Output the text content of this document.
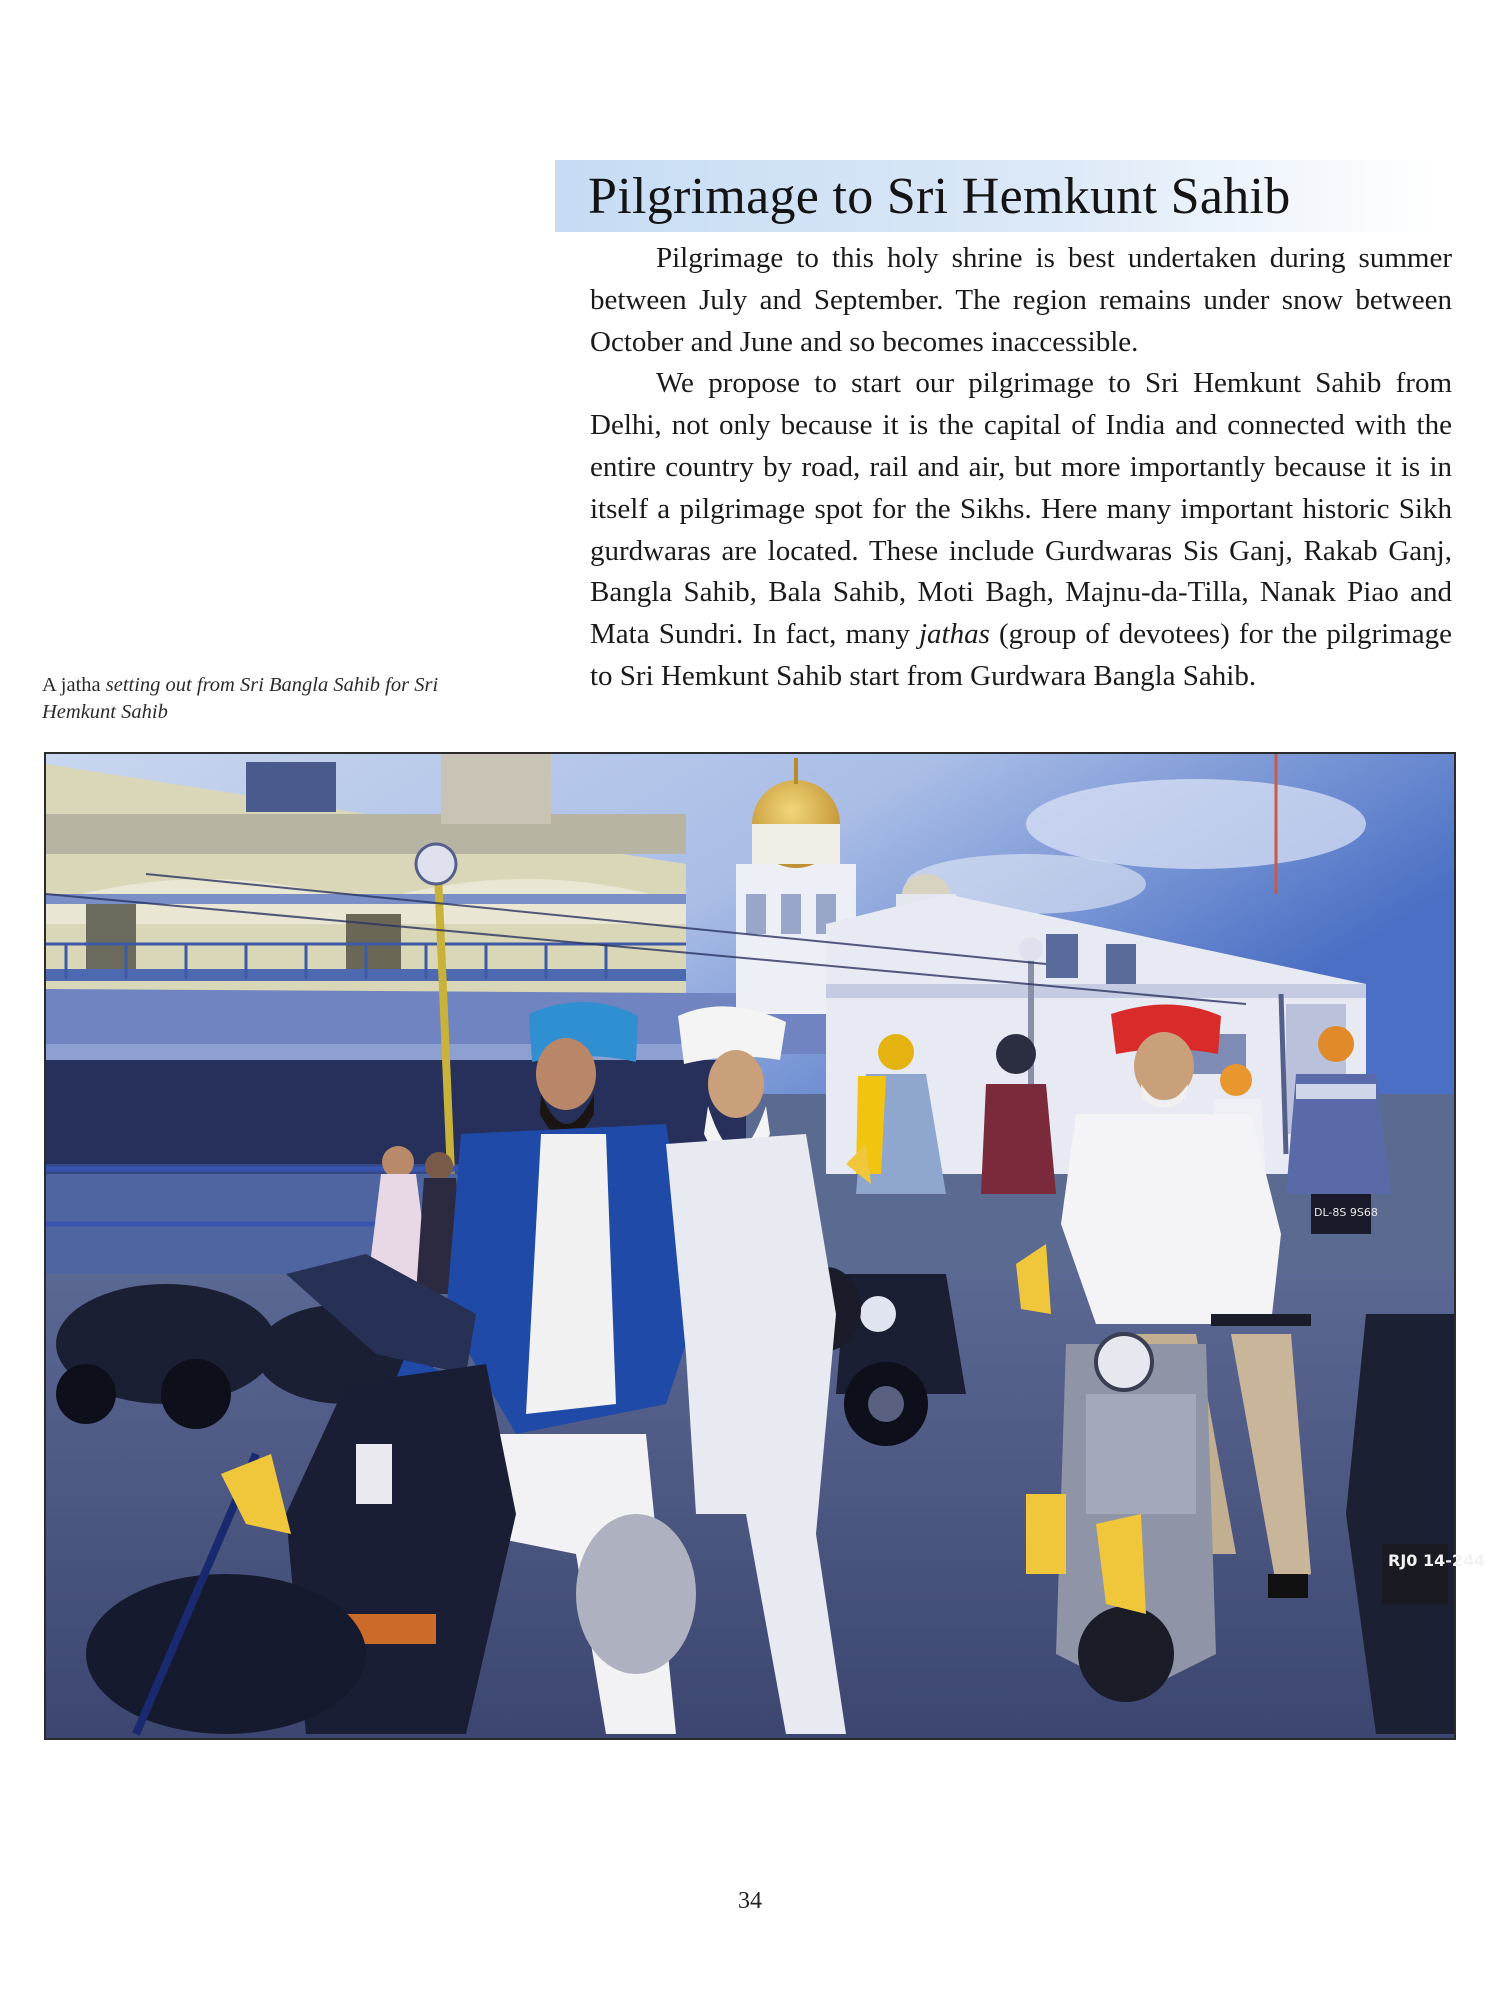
Pilgrimage to Sri Hemkunt Sahib

Pilgrimage to this holy shrine is best undertaken during summer between July and September. The region remains under snow between October and June and so becomes inaccessible.

We propose to start our pilgrimage to Sri Hemkunt Sahib from Delhi, not only because it is the capital of India and connected with the entire country by road, rail and air, but more importantly because it is in itself a pilgrimage spot for the Sikhs. Here many important historic Sikh gurdwaras are located. These include Gurdwaras Sis Ganj, Rakab Ganj, Bangla Sahib, Bala Sahib, Moti Bagh, Majnu-da-Tilla, Nanak Piao and Mata Sundri. In fact, many jathas (group of devotees) for the pilgrimage to Sri Hemkunt Sahib start from Gurdwara Bangla Sahib.

A jatha setting out from Sri Bangla Sahib for Sri Hemkunt Sahib
RJ0 14-244
DL-8S 9S68
34
